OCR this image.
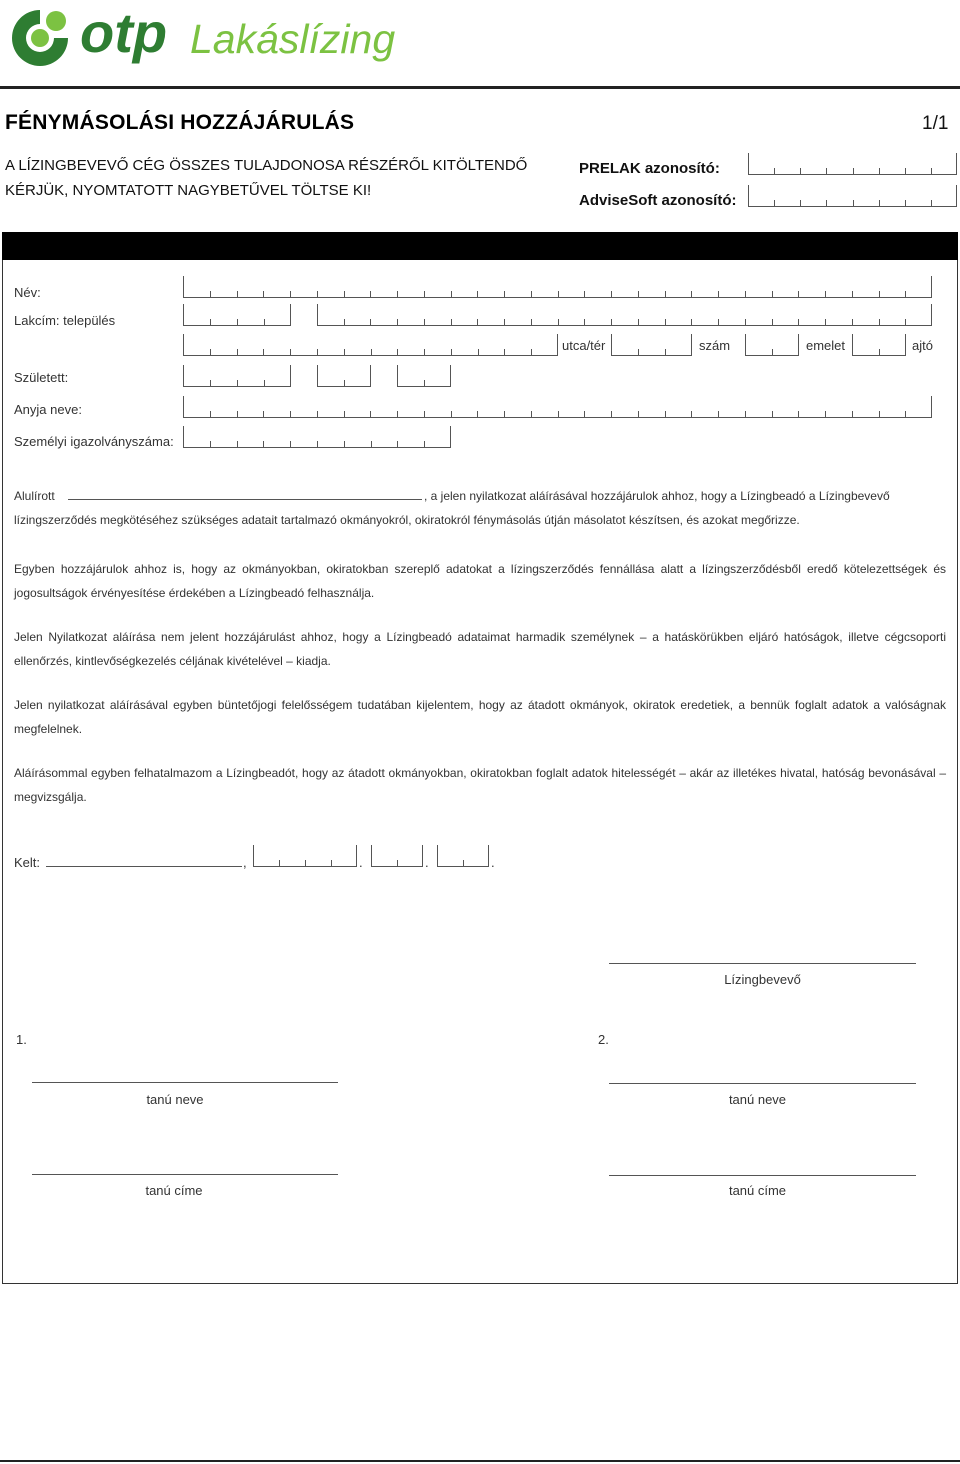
otp Lakáslízing
FÉNYMÁSOLÁSI HOZZÁJÁRULÁS	1/1
A LÍZINGBEVEVŐ CÉG ÖSSZES TULAJDONOSA RÉSZÉRŐL KITÖLTENDŐ
KÉRJÜK, NYOMTATOTT NAGYBETŰVEL TÖLTSE KI!
PRELAK azonosító:
AdviseSoft azonosító:
Név:
Lakcím: település
utca/tér	szám	emelet	ajtó
Született:
Anyja neve:
Személyi igazolványszáma:
Alulírott	, a jelen nyilatkozat aláírásával hozzájárulok ahhoz, hogy a Lízingbeadó a Lízingbevevő
lízingszerződés megkötéséhez szükséges adatait tartalmazó okmányokról, okiratokról fénymásolás útján másolatot készítsen, és azokat megőrizze.
Egyben hozzájárulok ahhoz is, hogy az okmányokban, okiratokban szereplő adatokat a lízingszerződés fennállása alatt a lízingszerződésből eredő kötelezettségek és jogosultságok érvényesítése érdekében a Lízingbeadó felhasználja.
Jelen Nyilatkozat aláírása nem jelent hozzájárulást ahhoz, hogy a Lízingbeadó adataimat harmadik személynek – a hatáskörükben eljáró hatóságok, illetve cégcsoporti ellenőrzés, kintlevőségkezelés céljának kivételével – kiadja.
Jelen nyilatkozat aláírásával egyben büntetőjogi felelősségem tudatában kijelentem, hogy az átadott okmányok, okiratok eredetiek, a bennük foglalt adatok a valóságnak megfelelnek.
Aláírásommal egyben felhatalmazom a Lízingbeadót, hogy az átadott okmányokban, okiratokban foglalt adatok hitelességét – akár az illetékes hivatal, hatóság bevonásával – megvizsgálja.
Kelt:	,	.	.	.
Lízingbevevő
1.	2.
tanú neve	tanú neve
tanú címe	tanú címe
